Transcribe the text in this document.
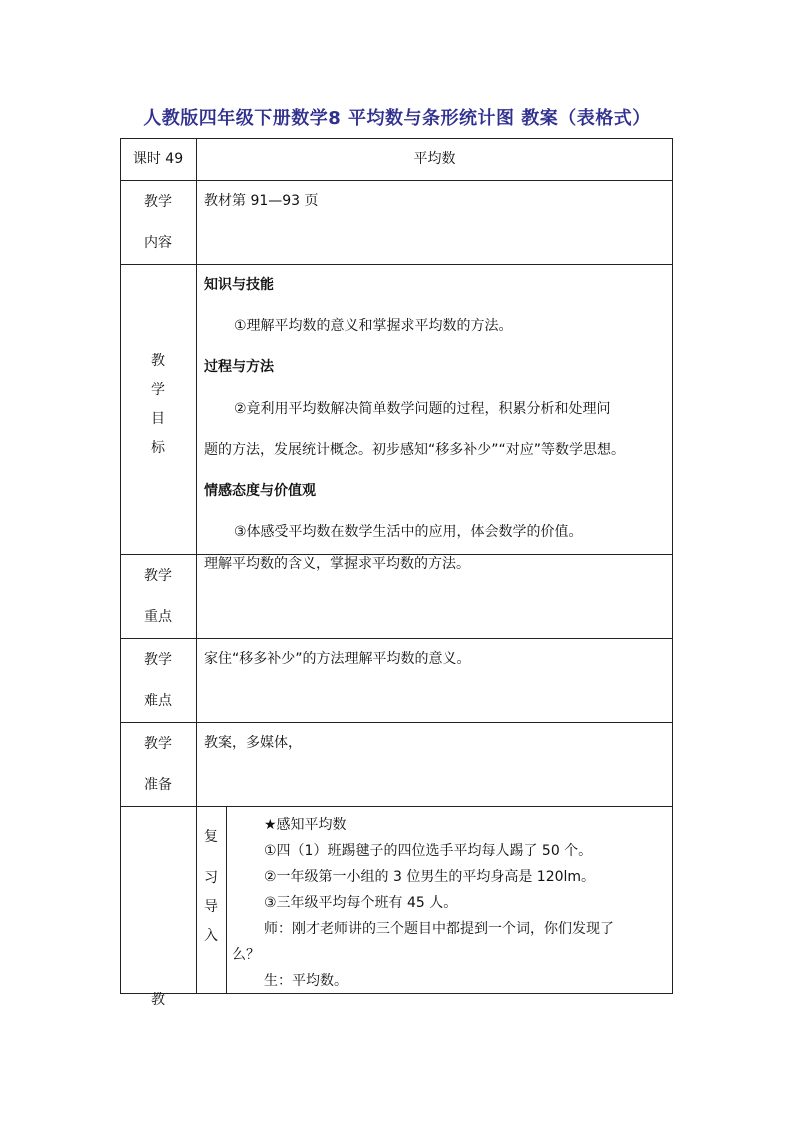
人教版四年级下册数学8 平均数与条形统计图 教案（表格式）
课时 49	平均数
教学
内容
教材第 91—93 页
教
学
目
标
知识与技能
①理解平均数的意义和掌握求平均数的方法。
过程与方法
②竟利用平均数解决简单数学问题的过程，积累分析和处理问
题的方法，发展统计概念。初步感知“移多补少”“对应”等数学思想。
情感态度与价值观
③体感受平均数在数学生活中的应用，体会数学的价值。
教学
重点
理解平均数的含义，掌握求平均数的方法。
教学
难点
家住“移多补少”的方法理解平均数的意义。
教学
准备
教案，多媒体，
教
复
习
导
入
★感知平均数
①四（1）班踢毽子的四位选手平均每人踢了 50 个。
②一年级第一小组的 3 位男生的平均身高是 120lm。
③三年级平均每个班有 45 人。
师：刚才老师讲的三个题目中都提到一个词，你们发现了
么？
生：平均数。
